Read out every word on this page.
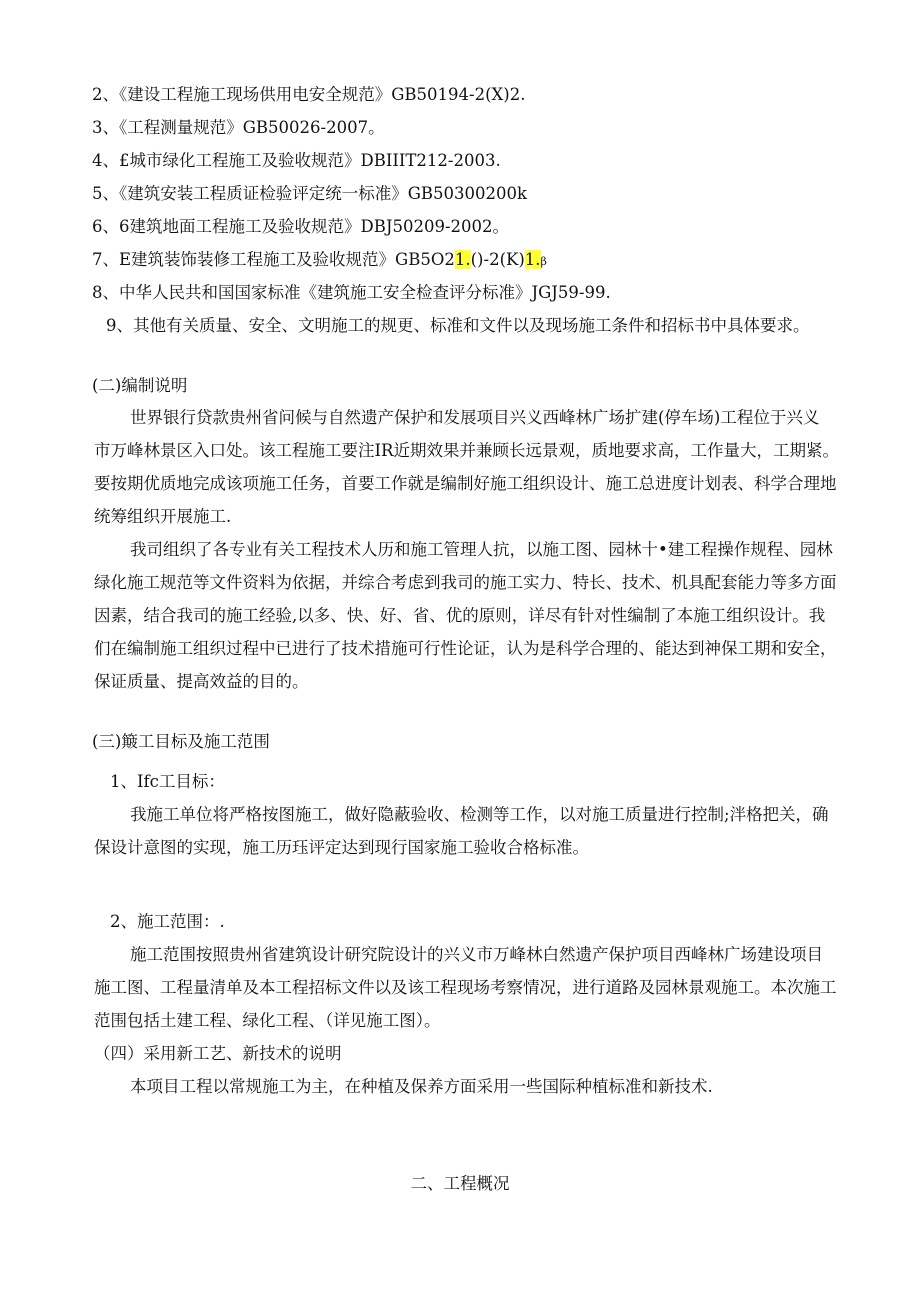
2、《建设工程施工现场供用电安全规范》GB50194-2(X)2.
3、《工程测量规范》GB50026-2007。
4、£城市绿化工程施工及验收规范》DBIIIT212-2003.
5、《建筑安装工程质证检验评定统一标准》GB50300200k
6、6建筑地面工程施工及验收规范》DBJ50209-2002。
7、E建筑装饰装修工程施工及验收规范》GB5O21.()-2(K)1.β
8、中华人民共和国国家标准《建筑施工安全检查评分标准》JGJ59-99.
9、其他有关质量、安全、文明施工的规更、标准和文件以及现场施工条件和招标书中具体要求。
(二)编制说明
世界银行贷款贵州省问候与自然遗产保护和发展项目兴义西峰林广场扩建(停车场)工程位于兴义
市万峰林景区入口处。该工程施工要注IR近期效果并兼顾长远景观，质地要求高，工作量大，工期紧。
要按期优质地完成该项施工任务，首要工作就是编制好施工组织设计、施工总进度计划表、科学合理地
统筹组织开展施工.
我司组织了各专业有关工程技术人历和施工管理人抗，以施工图、园林十•建工程操作规程、园林
绿化施工规范等文件资料为依据，并综合考虑到我司的施工实力、特长、技术、机具配套能力等多方面
因素，结合我司的施工经验,以多、快、好、省、优的原则，详尽有针对性编制了本施工组织设计。我
们在编制施工组织过程中已进行了技术措施可行性论证，认为是科学合理的、能达到神保工期和安全，
保证质量、提高效益的目的。
(三)簸工目标及施工范围
1、Ifc工目标：
我施工单位将严格按图施工，做好隐蔽验收、检测等工作，以对施工质量进行控制;泮格把关，确
保设计意图的实现，施工历珏评定达到现行国家施工验收合格标准。
2、施工范围：.
施工范围按照贵州省建筑设计研究院设计的兴义市万峰林白然遗产保护项目西峰林广场建设项目
施工图、工程量清单及本工程招标文件以及该工程现场考察情况，进行道路及园林景观施工。本次施工
范围包括土建工程、绿化工程、（详见施工图）。
（四）采用新工艺、新技术的说明
本项目工程以常规施工为主，在种植及保养方面采用一些国际种植标准和新技术.
二、工程概况
